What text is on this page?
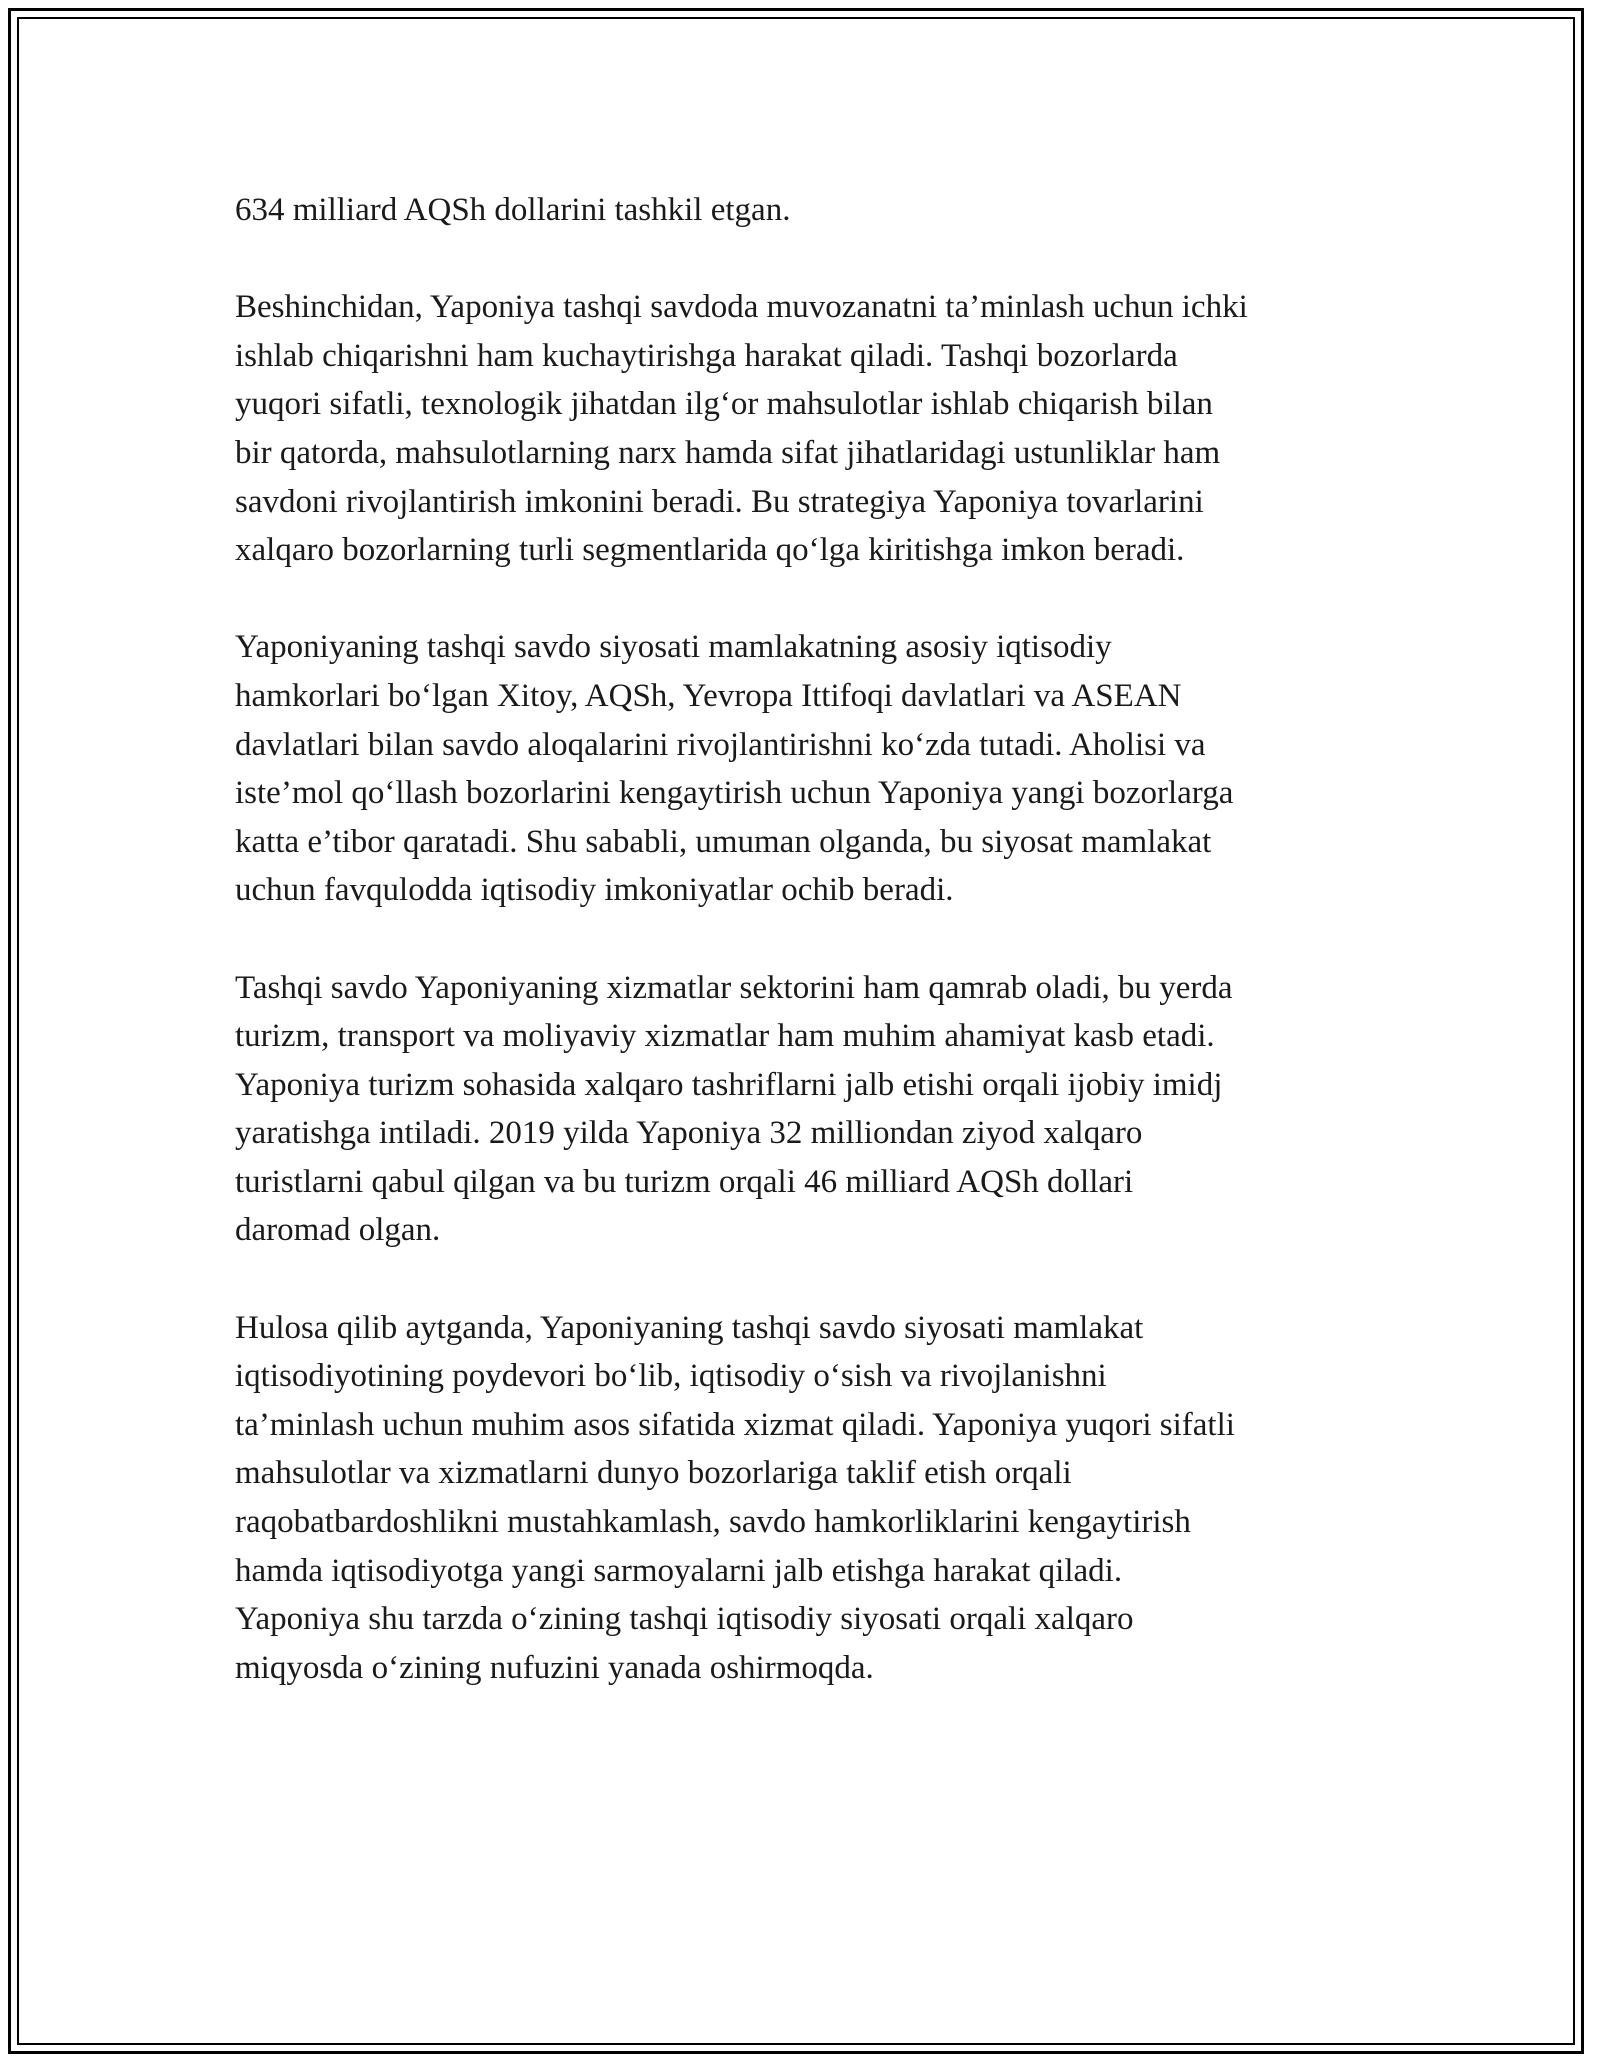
634 milliard AQSh dollarini tashkil etgan.

Beshinchidan, Yaponiya tashqi savdoda muvozanatni ta’minlash uchun ichki
ishlab chiqarishni ham kuchaytirishga harakat qiladi. Tashqi bozorlarda
yuqori sifatli, texnologik jihatdan ilg‘or mahsulotlar ishlab chiqarish bilan
bir qatorda, mahsulotlarning narx hamda sifat jihatlaridagi ustunliklar ham
savdoni rivojlantirish imkonini beradi. Bu strategiya Yaponiya tovarlarini
xalqaro bozorlarning turli segmentlarida qo‘lga kiritishga imkon beradi.

Yaponiyaning tashqi savdo siyosati mamlakatning asosiy iqtisodiy
hamkorlari bo‘lgan Xitoy, AQSh, Yevropa Ittifoqi davlatlari va ASEAN
davlatlari bilan savdo aloqalarini rivojlantirishni ko‘zda tutadi. Aholisi va
iste’mol qo‘llash bozorlarini kengaytirish uchun Yaponiya yangi bozorlarga
katta e’tibor qaratadi. Shu sababli, umuman olganda, bu siyosat mamlakat
uchun favqulodda iqtisodiy imkoniyatlar ochib beradi.

Tashqi savdo Yaponiyaning xizmatlar sektorini ham qamrab oladi, bu yerda
turizm, transport va moliyaviy xizmatlar ham muhim ahamiyat kasb etadi.
Yaponiya turizm sohasida xalqaro tashriflarni jalb etishi orqali ijobiy imidj
yaratishga intiladi. 2019 yilda Yaponiya 32 milliondan ziyod xalqaro
turistlarni qabul qilgan va bu turizm orqali 46 milliard AQSh dollari
daromad olgan.

Hulosa qilib aytganda, Yaponiyaning tashqi savdo siyosati mamlakat
iqtisodiyotining poydevori bo‘lib, iqtisodiy o‘sish va rivojlanishni
ta’minlash uchun muhim asos sifatida xizmat qiladi. Yaponiya yuqori sifatli
mahsulotlar va xizmatlarni dunyo bozorlariga taklif etish orqali
raqobatbardoshlikni mustahkamlash, savdo hamkorliklarini kengaytirish
hamda iqtisodiyotga yangi sarmoyalarni jalb etishga harakat qiladi.
Yaponiya shu tarzda o‘zining tashqi iqtisodiy siyosati orqali xalqaro
miqyosda o‘zining nufuzini yanada oshirmoqda.
